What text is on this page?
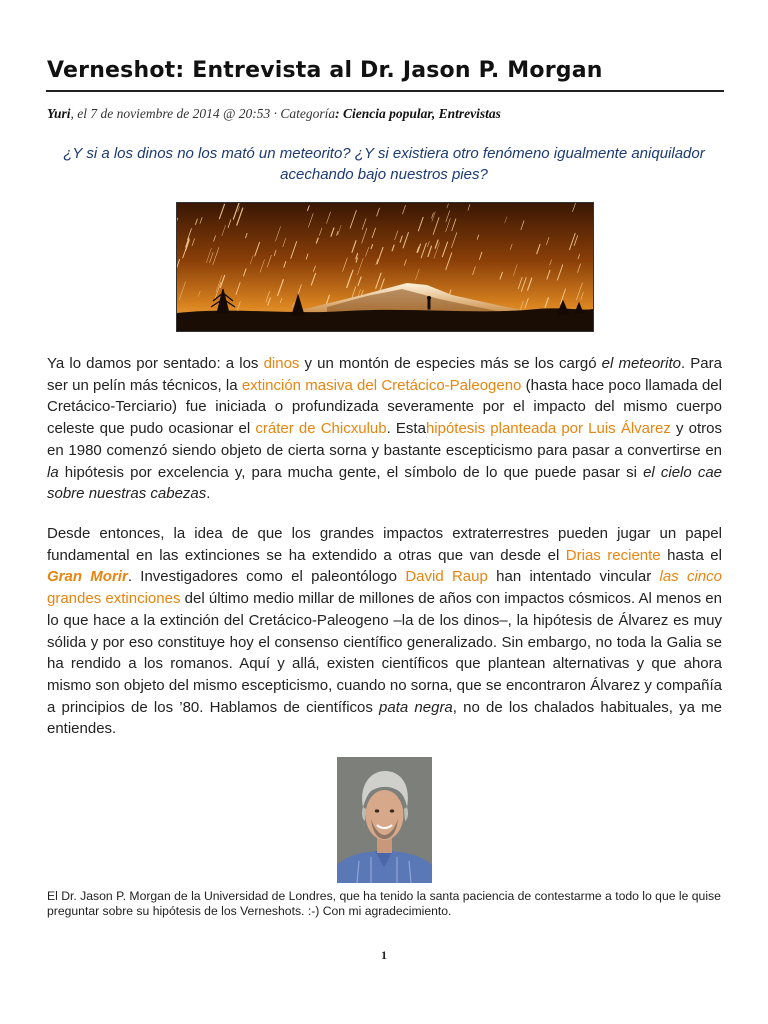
Verneshot: Entrevista al Dr. Jason P. Morgan
Yuri, el 7 de noviembre de 2014 @ 20:53 · Categoría: Ciencia popular, Entrevistas
¿Y si a los dinos no los mató un meteorito? ¿Y si existiera otro fenómeno igualmente aniquilador acechando bajo nuestros pies?
Ya lo damos por sentado: a los dinos y un montón de especies más se los cargó el meteorito. Para ser un pelín más técnicos, la extinción masiva del Cretácico-Paleogeno (hasta hace poco llamada del Cretácico-Terciario) fue iniciada o profundizada severamente por el impacto del mismo cuerpo celeste que pudo ocasionar el cráter de Chicxulub. Estahipótesis planteada por Luis Álvarez y otros en 1980 comenzó siendo objeto de cierta sorna y bastante escepticismo para pasar a convertirse en la hipótesis por excelencia y, para mucha gente, el símbolo de lo que puede pasar si el cielo cae sobre nuestras cabezas.
Desde entonces, la idea de que los grandes impactos extraterrestres pueden jugar un papel fundamental en las extinciones se ha extendido a otras que van desde el Drias reciente hasta el Gran Morir. Investigadores como el paleontólogo David Raup han intentado vincular las cinco grandes extinciones del último medio millar de millones de años con impactos cósmicos. Al menos en lo que hace a la extinción del Cretácico-Paleogeno –la de los dinos–, la hipótesis de Álvarez es muy sólida y por eso constituye hoy el consenso científico generalizado. Sin embargo, no toda la Galia se ha rendido a los romanos. Aquí y allá, existen científicos que plantean alternativas y que ahora mismo son objeto del mismo escepticismo, cuando no sorna, que se encontraron Álvarez y compañía a principios de los ’80. Hablamos de científicos pata negra, no de los chalados habituales, ya me entiendes.
El Dr. Jason P. Morgan de la Universidad de Londres, que ha tenido la santa paciencia de contestarme a todo lo que le quise preguntar sobre su hipótesis de los Verneshots. :-) Con mi agradecimiento.
1
